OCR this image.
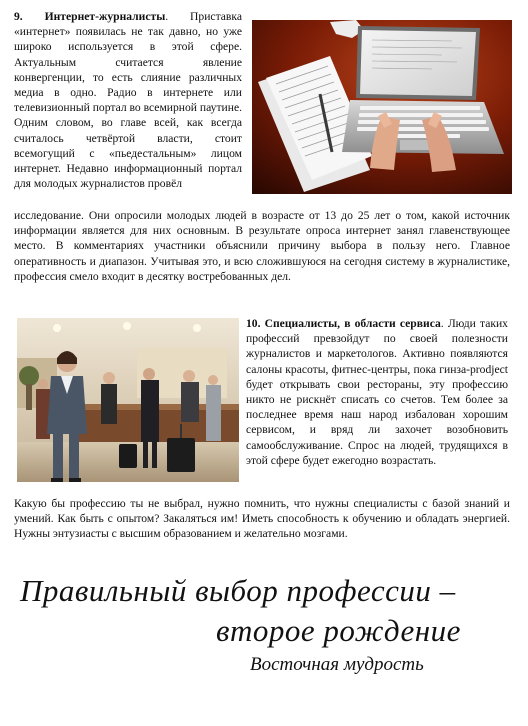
9. Интернет-журналисты. Приставка «интернет» появилась не так давно, но уже широко используется в этой сфере. Актуальным считается явление конвергенции, то есть слияние различных медиа в одно. Радио в интернете или телевизионный портал во всемирной паутине. Одним словом, во главе всей, как всегда считалось четвёртой власти, стоит всемогущий с «пьедестальным» лицом интернет. Недавно информационный портал для молодых журналистов провёл

исследование. Они опросили молодых людей в возрасте от 13 до 25 лет о том, какой источник информации является для них основным. В результате опроса интернет занял главенствующее место. В комментариях участники объяснили причину выбора в пользу него. Главное оперативность и диапазон. Учитывая это, и всю сложившуюся на сегодня систему в журналистике, профессия смело входит в десятку востребованных дел.

10. Специалисты, в области сервиса. Люди таких профессий превзойдут по своей полезности журналистов и маркетологов. Активно появляются салоны красоты, фитнес-центры, пока гинза-prodject будет открывать свои рестораны, эту профессию никто не рискнёт списать со счетов. Тем более за последнее время наш народ избалован хорошим сервисом, и вряд ли захочет возобновить самообслуживание. Спрос на людей, трудящихся в этой сфере будет ежегодно возрастать.

Какую бы профессию ты не выбрал, нужно помнить, что нужны специалисты с базой знаний и умений. Как быть с опытом? Закаляться им! Иметь способность к обучению и обладать энергией. Нужны энтузиасты с высшим образованием и желательно мозгами.

Правильный выбор профессии –
второе рождение
Восточная мудрость
